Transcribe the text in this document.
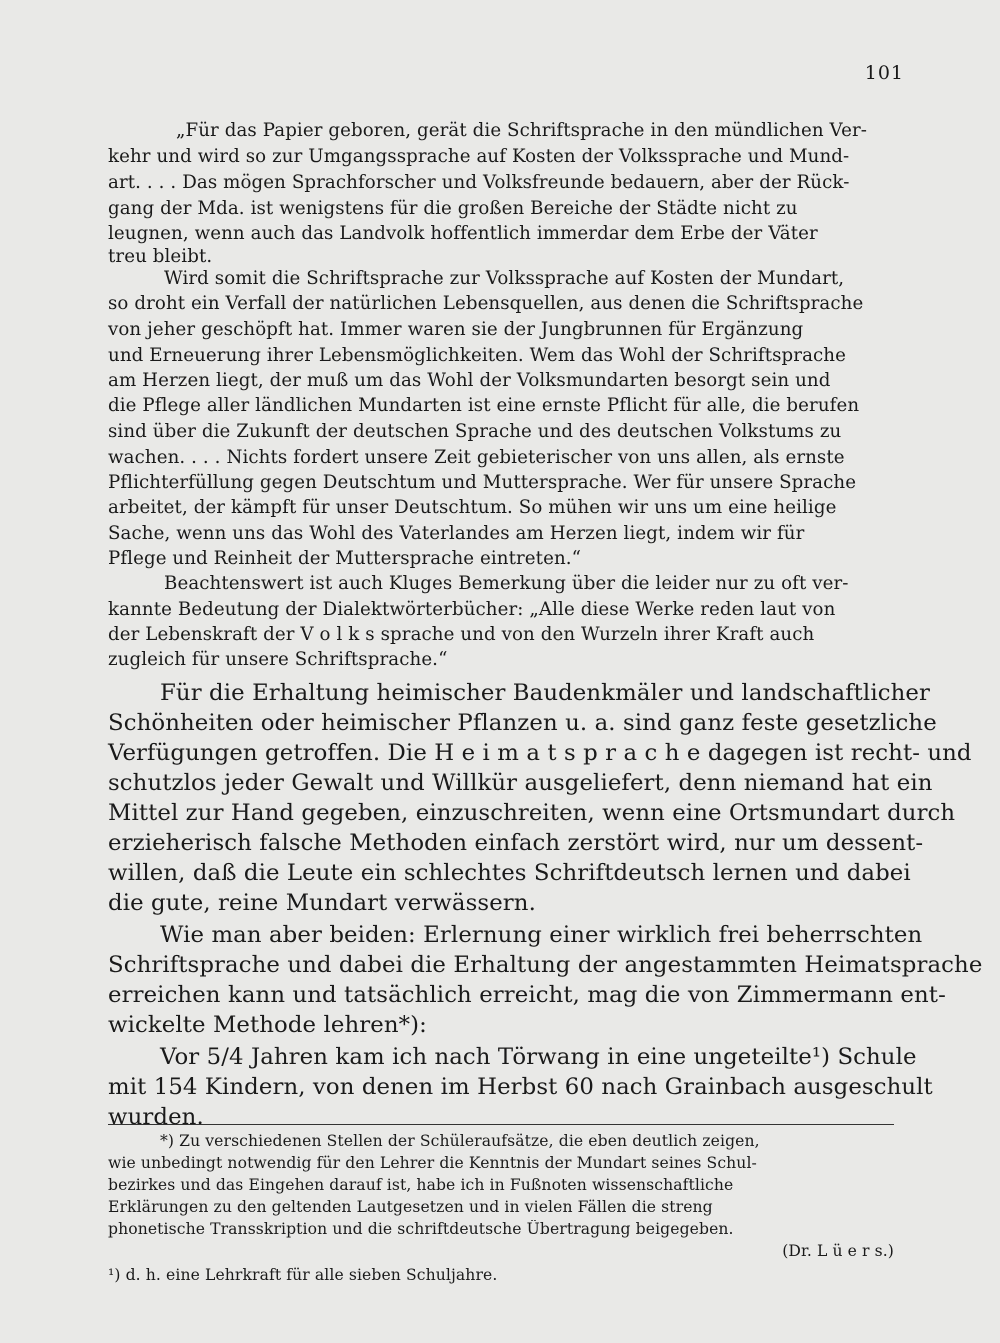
101

„Für das Papier geboren, gerät die Schriftsprache in den mündlichen Ver-

kehr und wird so zur Umgangssprache auf Kosten der Volkssprache und Mund-

art. . . . Das mögen Sprachforscher und Volksfreunde bedauern, aber der Rück-

gang der Mda. ist wenigstens für die großen Bereiche der Städte nicht zu

leugnen, wenn auch das Landvolk hoffentlich immerdar dem Erbe der Väter

treu bleibt.

Wird somit die Schriftsprache zur Volkssprache auf Kosten der Mundart,

so droht ein Verfall der natürlichen Lebensquellen, aus denen die Schriftsprache

von jeher geschöpft hat. Immer waren sie der Jungbrunnen für Ergänzung

und Erneuerung ihrer Lebensmöglichkeiten. Wem das Wohl der Schriftsprache

am Herzen liegt, der muß um das Wohl der Volksmundarten besorgt sein und

die Pflege aller ländlichen Mundarten ist eine ernste Pflicht für alle, die berufen

sind über die Zukunft der deutschen Sprache und des deutschen Volkstums zu

wachen. . . . Nichts fordert unsere Zeit gebieterischer von uns allen, als ernste

Pflichterfüllung gegen Deutschtum und Muttersprache. Wer für unsere Sprache

arbeitet, der kämpft für unser Deutschtum. So mühen wir uns um eine heilige

Sache, wenn uns das Wohl des Vaterlandes am Herzen liegt, indem wir für

Pflege und Reinheit der Muttersprache eintreten.“

Beachtenswert ist auch Kluges Bemerkung über die leider nur zu oft ver-

kannte Bedeutung der Dialektwörterbücher: „Alle diese Werke reden laut von

der Lebenskraft der V o l k s sprache und von den Wurzeln ihrer Kraft auch

zugleich für unsere Schriftsprache.“

Für die Erhaltung heimischer Baudenkmäler und landschaftlicher

Schönheiten oder heimischer Pflanzen u. a. sind ganz feste gesetzliche

Verfügungen getroffen. Die H e i m a t s p r a c h e dagegen ist recht- und

schutzlos jeder Gewalt und Willkür ausgeliefert, denn niemand hat ein

Mittel zur Hand gegeben, einzuschreiten, wenn eine Ortsmundart durch

erzieherisch falsche Methoden einfach zerstört wird, nur um dessent-

willen, daß die Leute ein schlechtes Schriftdeutsch lernen und dabei

die gute, reine Mundart verwässern.

Wie man aber beiden: Erlernung einer wirklich frei beherrschten

Schriftsprache und dabei die Erhaltung der angestammten Heimatsprache

erreichen kann und tatsächlich erreicht, mag die von Zimmermann ent-

wickelte Methode lehren*):

Vor 5/4 Jahren kam ich nach Törwang in eine ungeteilte¹) Schule

mit 154 Kindern, von denen im Herbst 60 nach Grainbach ausgeschult

wurden.

*) Zu verschiedenen Stellen der Schüleraufsätze, die eben deutlich zeigen,

wie unbedingt notwendig für den Lehrer die Kenntnis der Mundart seines Schul-

bezirkes und das Eingehen darauf ist, habe ich in Fußnoten wissenschaftliche

Erklärungen zu den geltenden Lautgesetzen und in vielen Fällen die streng

phonetische Transskription und die schriftdeutsche Übertragung beigegeben.

(Dr. L ü e r s.)

¹) d. h. eine Lehrkraft für alle sieben Schuljahre.
